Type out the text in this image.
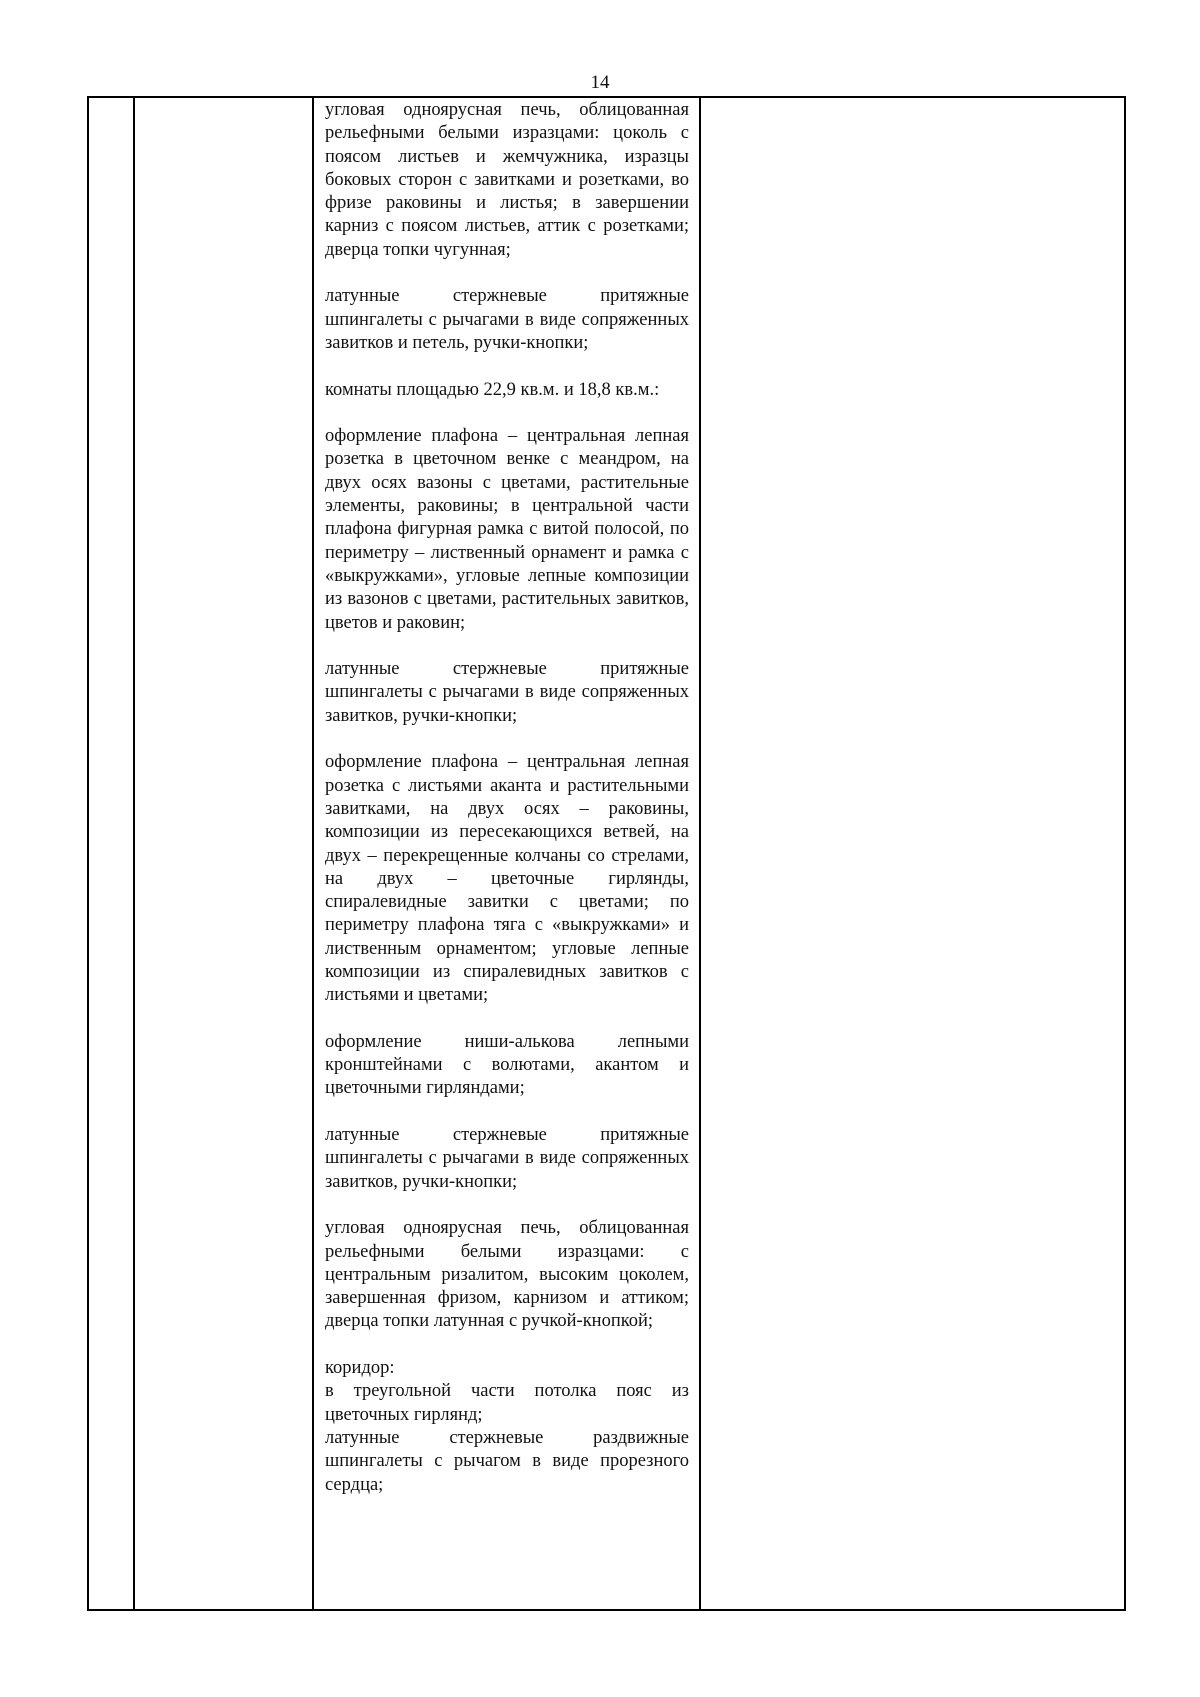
14

угловая одноярусная печь, облицованная рельефными белыми изразцами: цоколь с поясом листьев и жемчужника, изразцы боковых сторон с завитками и розетками, во фризе раковины и листья; в завершении карниз с поясом листьев, аттик с розетками; дверца топки чугунная;

латунные стержневые притяжные шпингалеты с рычагами в виде сопряженных завитков и петель, ручки-кнопки;

комнаты площадью 22,9 кв.м. и 18,8 кв.м.:

оформление плафона – центральная лепная розетка в цветочном венке с меандром, на двух осях вазоны с цветами, растительные элементы, раковины; в центральной части плафона фигурная рамка с витой полосой, по периметру – лиственный орнамент и рамка с «выкружками», угловые лепные композиции из вазонов с цветами, растительных завитков, цветов и раковин;

латунные стержневые притяжные шпингалеты с рычагами в виде сопряженных завитков, ручки-кнопки;

оформление плафона – центральная лепная розетка с листьями аканта и растительными завитками, на двух осях – раковины, композиции из пересекающихся ветвей, на двух – перекрещенные колчаны со стрелами, на двух – цветочные гирлянды, спиралевидные завитки с цветами; по периметру плафона тяга с «выкружками» и лиственным орнаментом; угловые лепные композиции из спиралевидных завитков с листьями и цветами;

оформление ниши-алькова лепными кронштейнами с волютами, акантом и цветочными гирляндами;

латунные стержневые притяжные шпингалеты с рычагами в виде сопряженных завитков, ручки-кнопки;

угловая одноярусная печь, облицованная рельефными белыми изразцами: с центральным ризалитом, высоким цоколем, завершенная фризом, карнизом и аттиком; дверца топки латунная с ручкой-кнопкой;

коридор:

в треугольной части потолка пояс из цветочных гирлянд;

латунные стержневые раздвижные шпингалеты с рычагом в виде прорезного сердца;
